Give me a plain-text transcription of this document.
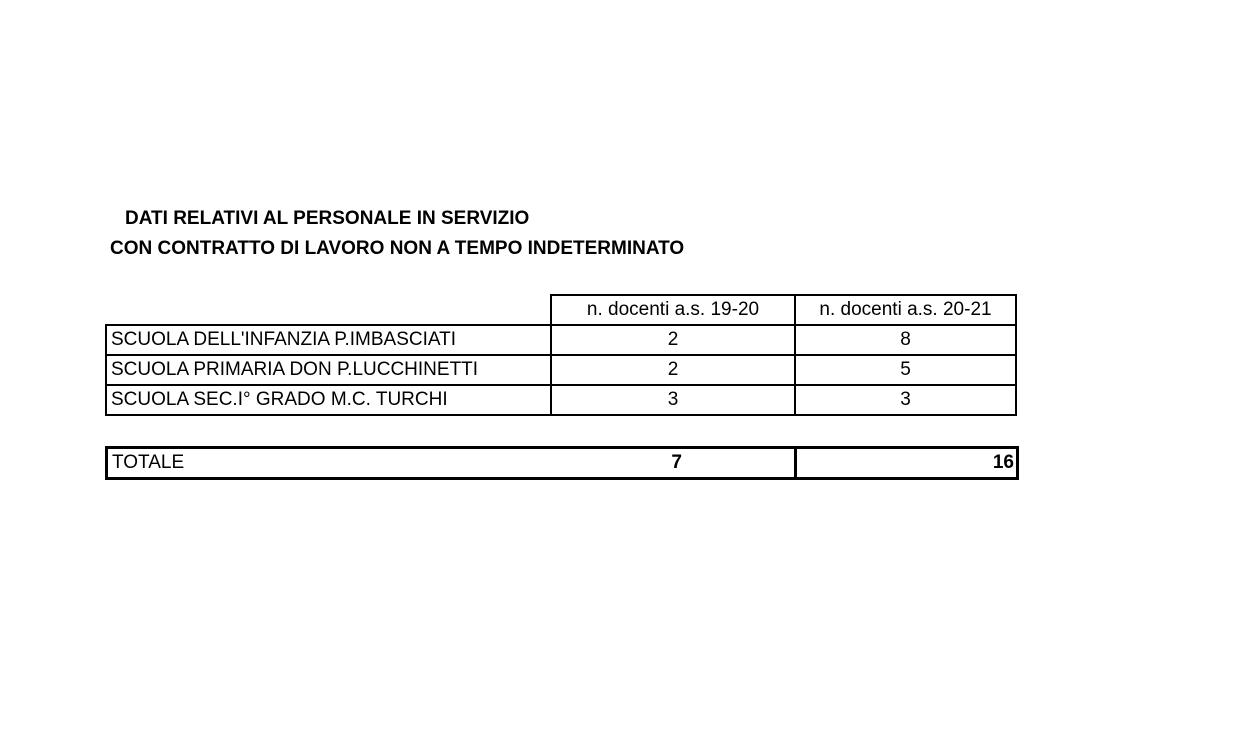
DATI RELATIVI AL PERSONALE IN SERVIZIO
CON CONTRATTO DI LAVORO NON A TEMPO INDETERMINATO
	n. docenti a.s. 19-20	n. docenti a.s. 20-21
SCUOLA DELL'INFANZIA P.IMBASCIATI	2	8
SCUOLA PRIMARIA DON P.LUCCHINETTI	2	5
SCUOLA SEC.I° GRADO M.C. TURCHI	3	3
TOTALE	7	16
